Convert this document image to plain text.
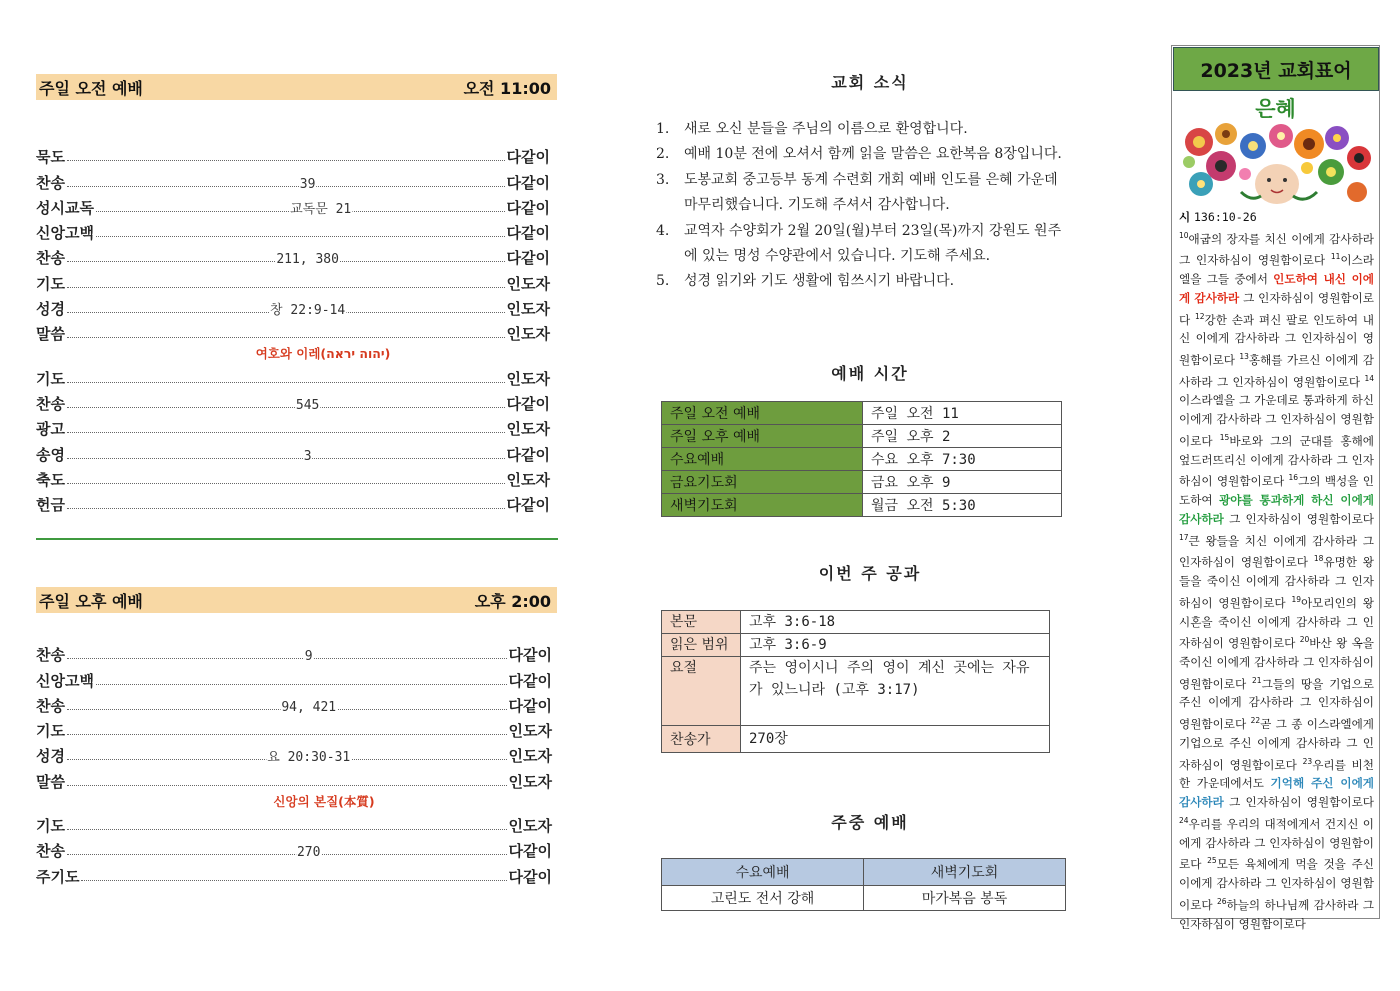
주일 오전 예배	오전 11:00
묵도	다같이
찬송	39	다같이
성시교독	교독문 21	다같이
신앙고백	다같이
찬송	211, 380	다같이
기도	인도자
성경	창 22:9-14	인도자
말씀	인도자
여호와 이레(יהוה יראה)
기도	인도자
찬송	545	다같이
광고	인도자
송영	3	다같이
축도	인도자
헌금	다같이
주일 오후 예배	오후 2:00
찬송	9	다같이
신앙고백	다같이
찬송	94, 421	다같이
기도	인도자
성경	요 20:30-31	인도자
말씀	인도자
신앙의 본질(本質)
기도	인도자
찬송	270	다같이
주기도	다같이
교회 소식
1.	새로 오신 분들을 주님의 이름으로 환영합니다.
2.	예배 10분 전에 오셔서 함께 읽을 말씀은 요한복음 8장입니다.
3.	도봉교회 중고등부 동계 수련회 개회 예배 인도를 은혜 가운데 마무리했습니다. 기도해 주셔서 감사합니다.
4.	교역자 수양회가 2월 20일(월)부터 23일(목)까지 강원도 원주에 있는 명성 수양관에서 있습니다. 기도해 주세요.
5.	성경 읽기와 기도 생활에 힘쓰시기 바랍니다.
예배 시간
주일 오전 예배	주일 오전 11
주일 오후 예배	주일 오후 2
수요예배	수요 오후 7:30
금요기도회	금요 오후 9
새벽기도회	월금 오전 5:30
이번 주 공과
본문	고후 3:6-18
읽은 범위	고후 3:6-9
요절	주는 영이시니 주의 영이 계신 곳에는 자유가 있느니라 (고후 3:17)
찬송가	270장
주중 예배
수요예배	새벽기도회
고린도 전서 강해	마가복음 봉독
2023년 교회표어
은혜
시 136:10-26
$^{10}$애굽의 장자를 치신 이에게 감사하라 그 인자하심이 영원함이로다 $^{11}$이스라엘을 그들 중에서 인도하여 내신 이에게 감사하라 그 인자하심이 영원함이로다 $^{12}$강한 손과 펴신 팔로 인도하여 내신 이에게 감사하라 그 인자하심이 영원함이로다 $^{13}$홍해를 가르신 이에게 감사하라 그 인자하심이 영원함이로다 $^{14}$이스라엘을 그 가운데로 통과하게 하신 이에게 감사하라 그 인자하심이 영원함이로다 $^{15}$바로와 그의 군대를 홍해에 엎드러뜨리신 이에게 감사하라 그 인자하심이 영원함이로다 $^{16}$그의 백성을 인도하여 광야를 통과하게 하신 이에게 감사하라 그 인자하심이 영원함이로다 $^{17}$큰 왕들을 치신 이에게 감사하라 그 인자하심이 영원함이로다 $^{18}$유명한 왕들을 죽이신 이에게 감사하라 그 인자하심이 영원함이로다 $^{19}$아모리인의 왕 시혼을 죽이신 이에게 감사하라 그 인자하심이 영원함이로다 $^{20}$바산 왕 옥을 죽이신 이에게 감사하라 그 인자하심이 영원함이로다 $^{21}$그들의 땅을 기업으로 주신 이에게 감사하라 그 인자하심이 영원함이로다 $^{22}$곧 그 종 이스라엘에게 기업으로 주신 이에게 감사하라 그 인자하심이 영원함이로다 $^{23}$우리를 비천한 가운데에서도 기억해 주신 이에게 감사하라 그 인자하심이 영원함이로다 $^{24}$우리를 우리의 대적에게서 건지신 이에게 감사하라 그 인자하심이 영원함이로다 $^{25}$모든 육체에게 먹을 것을 주신 이에게 감사하라 그 인자하심이 영원함이로다 $^{26}$하늘의 하나님께 감사하라 그 인자하심이 영원함이로다
